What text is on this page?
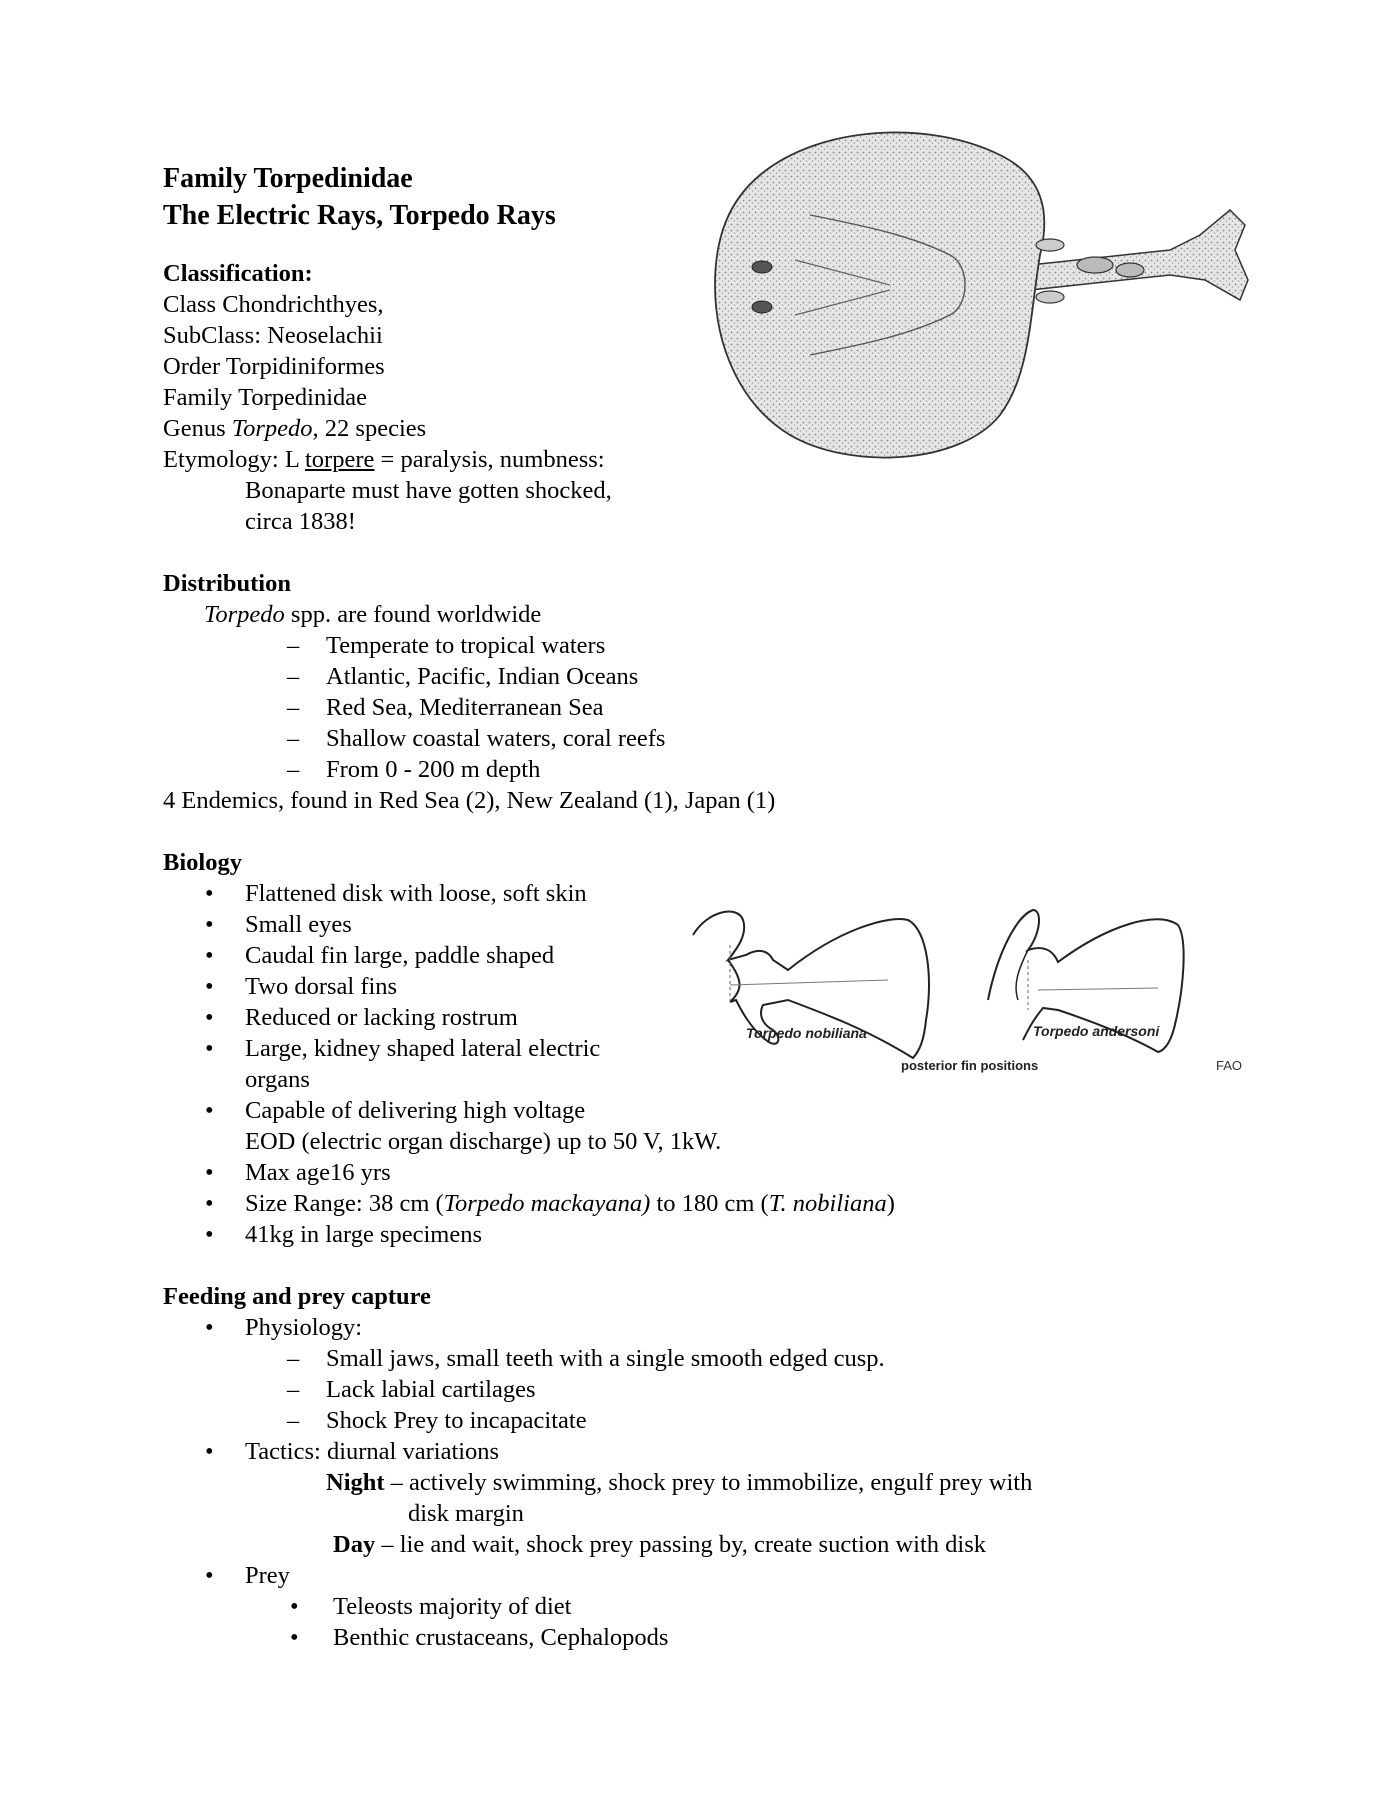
Torpedo nobiliana	Torpedo andersoni
posterior fin positions	FAO

Family Torpedinidae

The Electric Rays, Torpedo Rays

Classification:

Class Chondrichthyes,

SubClass: Neoselachii

Order Torpidiniformes

Family Torpedinidae

Genus Torpedo, 22 species

Etymology: L torpere = paralysis, numbness:

Bonaparte must have gotten shocked,

circa 1838!

Distribution

Torpedo spp. are found worldwide

– Temperate to tropical waters

– Atlantic, Pacific, Indian Oceans

– Red Sea, Mediterranean Sea

– Shallow coastal waters, coral reefs

– From 0 - 200 m depth

4 Endemics, found in Red Sea (2), New Zealand (1), Japan (1)

Biology

• Flattened disk with loose, soft skin

• Small eyes

• Caudal fin large, paddle shaped

• Two dorsal fins

• Reduced or lacking rostrum

• Large, kidney shaped lateral electric

organs

• Capable of delivering high voltage

EOD (electric organ discharge) up to 50 V, 1kW.

• Max age16 yrs

• Size Range: 38 cm (Torpedo mackayana) to 180 cm (T. nobiliana)

• 41kg in large specimens

Feeding and prey capture

• Physiology:

– Small jaws, small teeth with a single smooth edged cusp.

– Lack labial cartilages

– Shock Prey to incapacitate

• Tactics: diurnal variations

Night – actively swimming, shock prey to immobilize, engulf prey with

disk margin

Day – lie and wait, shock prey passing by, create suction with disk

• Prey

• Teleosts majority of diet

• Benthic crustaceans, Cephalopods
